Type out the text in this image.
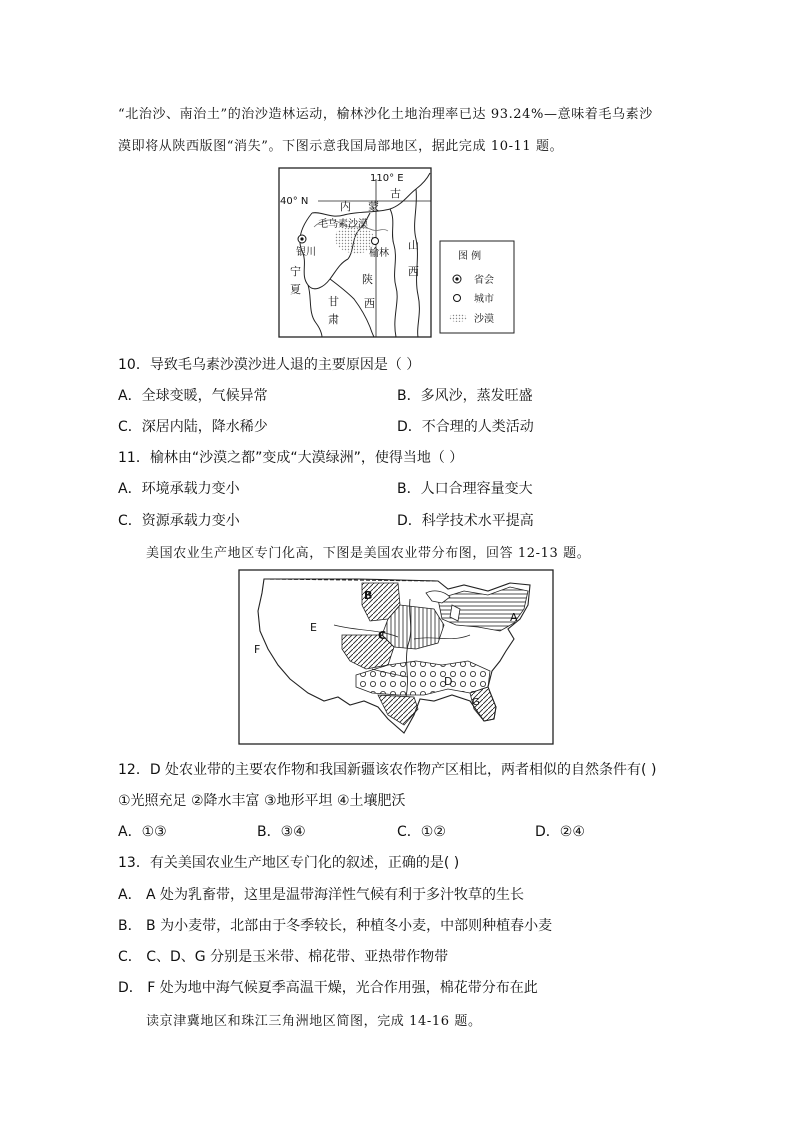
“北治沙、南治土”的治沙造林运动，榆林沙化土地治理率已达 93.24%—意味着毛乌素沙
漠即将从陕西版图“消失”。下图示意我国局部地区，据此完成 10-11 题。
110° E
40° N	内 蒙
古
毛乌素沙漠
银川	榆林
山
西
宁
夏
陕
西
甘
肃
图 例
省会
城市
沙漠
10．导致毛乌素沙漠沙进人退的主要原因是（ ）
A．全球变暖，气候异常	B．多风沙，蒸发旺盛
C．深居内陆，降水稀少	D．不合理的人类活动
11．榆林由“沙漠之都”变成“大漠绿洲”，使得当地（ ）
A．环境承载力变小	B．人口合理容量变大
C．资源承载力变小	D．科学技术水平提高
美国农业生产地区专门化高，下图是美国农业带分布图，回答 12-13 题。
A
B
C
D
E
F
G
12．D 处农业带的主要农作物和我国新疆该农作物产区相比，两者相似的自然条件有( )
①光照充足 ②降水丰富 ③地形平坦 ④土壤肥沃
A．①③	B．③④	C．①②	D．②④
13．有关美国农业生产地区专门化的叙述，正确的是( )
A． A 处为乳畜带，这里是温带海洋性气候有利于多汁牧草的生长
B． B 为小麦带，北部由于冬季较长，种植冬小麦，中部则种植春小麦
C． C、D、G 分别是玉米带、棉花带、亚热带作物带
D． F 处为地中海气候夏季高温干燥，光合作用强，棉花带分布在此
读京津冀地区和珠江三角洲地区简图，完成 14-16 题。
